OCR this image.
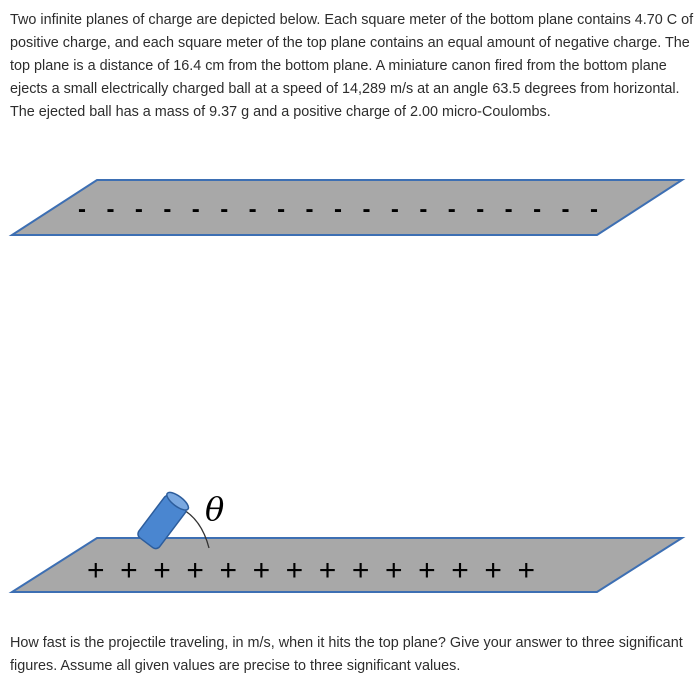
Two infinite planes of charge are depicted below. Each square meter of the bottom plane contains 4.70 C of positive charge, and each square meter of the top plane contains an equal amount of negative charge. The top plane is a distance of 16.4 cm from the bottom plane. A miniature canon fired from the bottom plane ejects a small electrically charged ball at a speed of 14,289 m/s at an angle 63.5 degrees from horizontal. The ejected ball has a mass of 9.37 g and a positive charge of 2.00 micro-Coulombs.

- - - - - - - - - - - - - - - - - - -
+ + + + + + + + + + + + + +
θ

How fast is the projectile traveling, in m/s, when it hits the top plane? Give your answer to three significant figures. Assume all given values are precise to three significant values.
